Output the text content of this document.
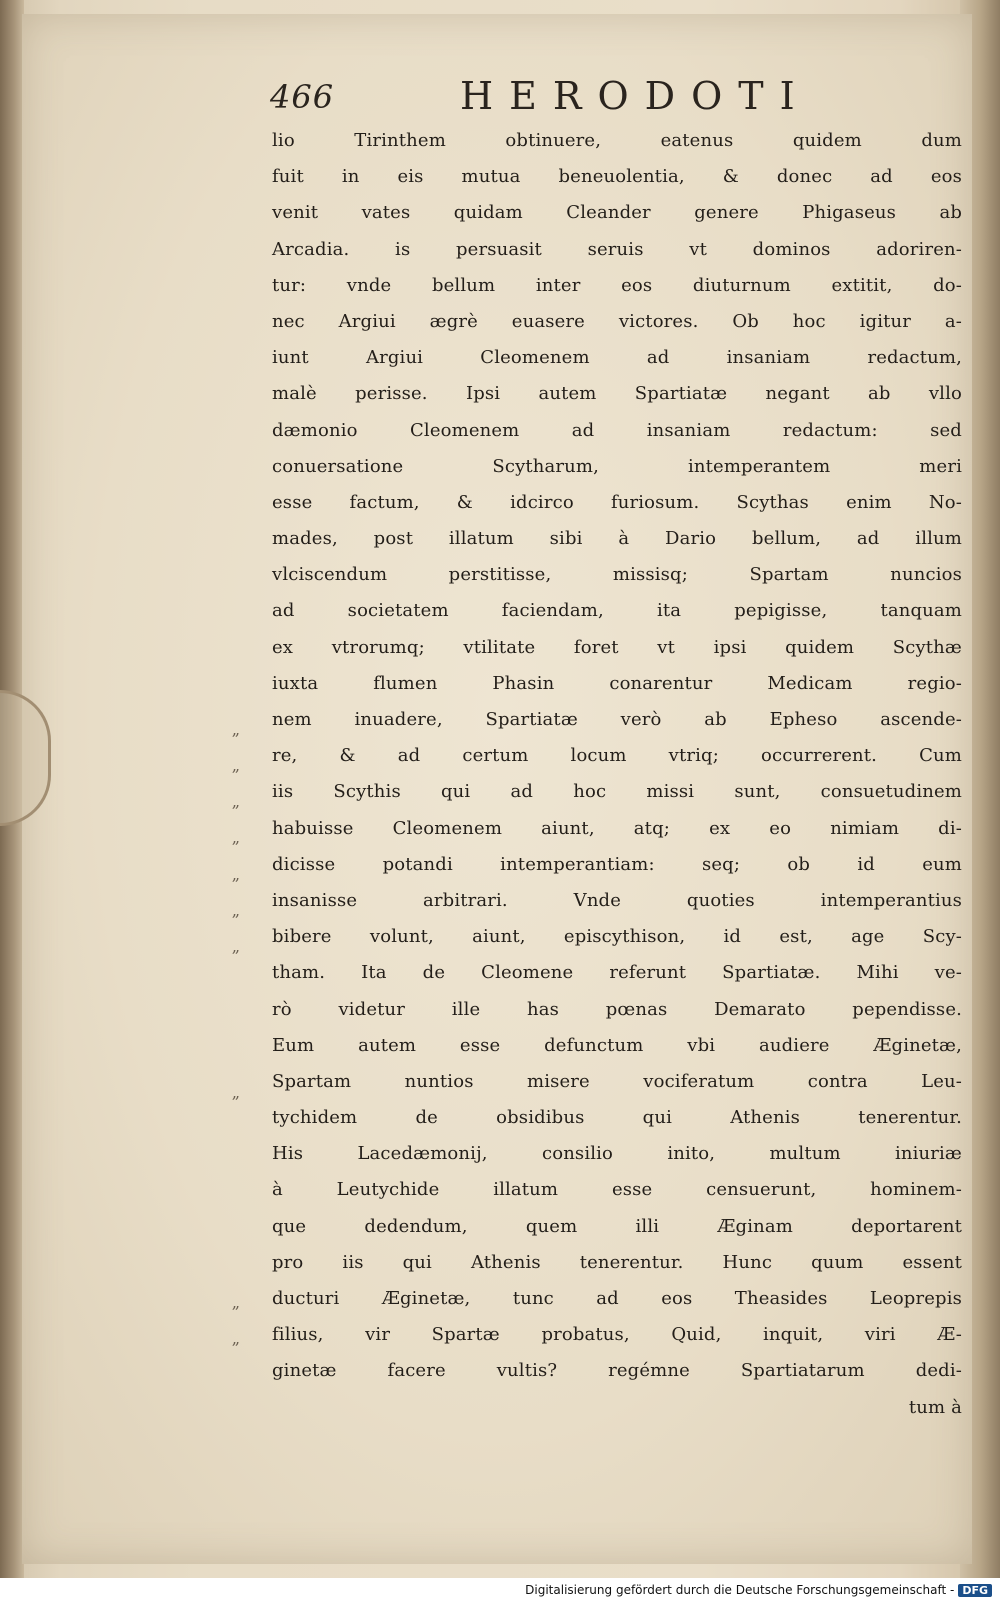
466	HERODOTI
„
„
„
„
„
„
„
„
„
„
lio Tirinthem obtinuere, eatenus quidem dum
fuit in eis mutua beneuolentia, & donec ad eos
venit vates quidam Cleander genere Phigaseus ab
Arcadia. is persuasit seruis vt dominos adoriren-
tur: vnde bellum inter eos diuturnum extitit, do-
nec Argiui ægrè euasere victores. Ob hoc igitur a-
iunt Argiui Cleomenem ad insaniam redactum,
malè perisse. Ipsi autem Spartiatæ negant ab vllo
dæmonio Cleomenem ad insaniam redactum: sed
conuersatione Scytharum, intemperantem meri
esse factum, & idcirco furiosum. Scythas enim No-
mades, post illatum sibi à Dario bellum, ad illum
vlciscendum perstitisse, missisq; Spartam nuncios
ad societatem faciendam, ita pepigisse, tanquam
ex vtrorumq; vtilitate foret vt ipsi quidem Scythæ
iuxta flumen Phasin conarentur Medicam regio-
nem inuadere, Spartiatæ verò ab Epheso ascende-
re, & ad certum locum vtriq; occurrerent. Cum
iis Scythis qui ad hoc missi sunt, consuetudinem
habuisse Cleomenem aiunt, atq; ex eo nimiam di-
dicisse potandi intemperantiam: seq; ob id eum
insanisse arbitrari. Vnde quoties intemperantius
bibere volunt, aiunt, episcythison, id est, age Scy-
tham. Ita de Cleomene referunt Spartiatæ. Mihi ve-
rò videtur ille has pœnas Demarato pependisse.
Eum autem esse defunctum vbi audiere Æginetæ,
Spartam nuntios misere vociferatum contra Leu-
tychidem de obsidibus qui Athenis tenerentur.
His Lacedæmonij, consilio inito, multum iniuriæ
à Leutychide illatum esse censuerunt, hominem-
que dedendum, quem illi Æginam deportarent
pro iis qui Athenis tenerentur. Hunc quum essent
ducturi Æginetæ, tunc ad eos Theasides Leoprepis
filius, vir Spartæ probatus, Quid, inquit, viri Æ-
ginetæ facere vultis? regémne Spartiatarum dedi-
tum à
Digitalisierung gefördert durch die Deutsche Forschungsgemeinschaft - DFG
